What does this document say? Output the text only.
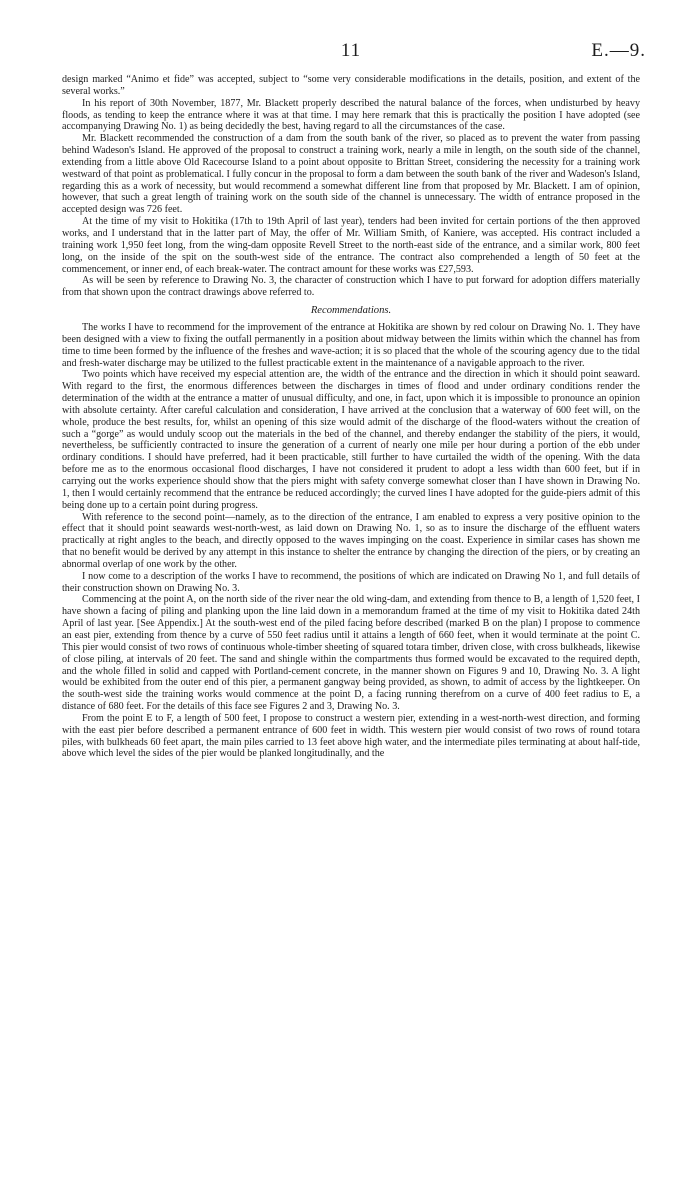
11	E.—9.

design marked “Animo et fide” was accepted, subject to “some very considerable modifications in the details, position, and extent of the several works.”

In his report of 30th November, 1877, Mr. Blackett properly described the natural balance of the forces, when undisturbed by heavy floods, as tending to keep the entrance where it was at that time. I may here remark that this is practically the position I have adopted (see accompanying Drawing No. 1) as being decidedly the best, having regard to all the circumstances of the case.

Mr. Blackett recommended the construction of a dam from the south bank of the river, so placed as to prevent the water from passing behind Wadeson's Island. He approved of the proposal to construct a training work, nearly a mile in length, on the south side of the channel, extending from a little above Old Racecourse Island to a point about opposite to Brittan Street, considering the necessity for a training work westward of that point as problematical. I fully concur in the proposal to form a dam between the south bank of the river and Wadeson's Island, regarding this as a work of necessity, but would recommend a somewhat different line from that proposed by Mr. Blackett. I am of opinion, however, that such a great length of training work on the south side of the channel is unnecessary. The width of entrance proposed in the accepted design was 726 feet.

At the time of my visit to Hokitika (17th to 19th April of last year), tenders had been invited for certain portions of the then approved works, and I understand that in the latter part of May, the offer of Mr. William Smith, of Kaniere, was accepted. His contract included a training work 1,950 feet long, from the wing-dam opposite Revell Street to the north-east side of the entrance, and a similar work, 800 feet long, on the inside of the spit on the south-west side of the entrance. The contract also comprehended a length of 50 feet at the commencement, or inner end, of each break-water. The contract amount for these works was £27,593.

As will be seen by reference to Drawing No. 3, the character of construction which I have to put forward for adoption differs materially from that shown upon the contract drawings above referred to.

Recommendations.

The works I have to recommend for the improvement of the entrance at Hokitika are shown by red colour on Drawing No. 1. They have been designed with a view to fixing the outfall permanently in a position about midway between the limits within which the channel has from time to time been formed by the influence of the freshes and wave-action; it is so placed that the whole of the scouring agency due to the tidal and fresh-water discharge may be utilized to the fullest practicable extent in the maintenance of a navigable approach to the river.

Two points which have received my especial attention are, the width of the entrance and the direction in which it should point seaward. With regard to the first, the enormous differences between the discharges in times of flood and under ordinary conditions render the determination of the width at the entrance a matter of unusual difficulty, and one, in fact, upon which it is impossible to pronounce an opinion with absolute certainty. After careful calculation and consideration, I have arrived at the conclusion that a waterway of 600 feet will, on the whole, produce the best results, for, whilst an opening of this size would admit of the discharge of the flood-waters without the creation of such a “gorge” as would unduly scoop out the materials in the bed of the channel, and thereby endanger the stability of the piers, it would, nevertheless, be sufficiently contracted to insure the generation of a current of nearly one mile per hour during a portion of the ebb under ordinary conditions. I should have preferred, had it been practicable, still further to have curtailed the width of the opening. With the data before me as to the enormous occasional flood discharges, I have not considered it prudent to adopt a less width than 600 feet, but if in carrying out the works experience should show that the piers might with safety converge somewhat closer than I have shown in Drawing No. 1, then I would certainly recommend that the entrance be reduced accordingly; the curved lines I have adopted for the guide-piers admit of this being done up to a certain point during progress.

With reference to the second point—namely, as to the direction of the entrance, I am enabled to express a very positive opinion to the effect that it should point seawards west-north-west, as laid down on Drawing No. 1, so as to insure the discharge of the effluent waters practically at right angles to the beach, and directly opposed to the waves impinging on the coast. Experience in similar cases has shown me that no benefit would be derived by any attempt in this instance to shelter the entrance by changing the direction of the piers, or by creating an abnormal overlap of one work by the other.

I now come to a description of the works I have to recommend, the positions of which are indicated on Drawing No 1, and full details of their construction shown on Drawing No. 3.

Commencing at the point A, on the north side of the river near the old wing-dam, and extending from thence to B, a length of 1,520 feet, I have shown a facing of piling and planking upon the line laid down in a memorandum framed at the time of my visit to Hokitika dated 24th April of last year. [See Appendix.] At the south-west end of the piled facing before described (marked B on the plan) I propose to commence an east pier, extending from thence by a curve of 550 feet radius until it attains a length of 660 feet, when it would terminate at the point C. This pier would consist of two rows of continuous whole-timber sheeting of squared totara timber, driven close, with cross bulkheads, likewise of close piling, at intervals of 20 feet. The sand and shingle within the compartments thus formed would be excavated to the required depth, and the whole filled in solid and capped with Portland-cement concrete, in the manner shown on Figures 9 and 10, Drawing No. 3. A light would be exhibited from the outer end of this pier, a permanent gangway being provided, as shown, to admit of access by the lightkeeper. On the south-west side the training works would commence at the point D, a facing running therefrom on a curve of 400 feet radius to E, a distance of 680 feet. For the details of this face see Figures 2 and 3, Drawing No. 3.

From the point E to F, a length of 500 feet, I propose to construct a western pier, extending in a west-north-west direction, and forming with the east pier before described a permanent entrance of 600 feet in width. This western pier would consist of two rows of round totara piles, with bulkheads 60 feet apart, the main piles carried to 13 feet above high water, and the intermediate piles terminating at about half-tide, above which level the sides of the pier would be planked longitudinally, and the
